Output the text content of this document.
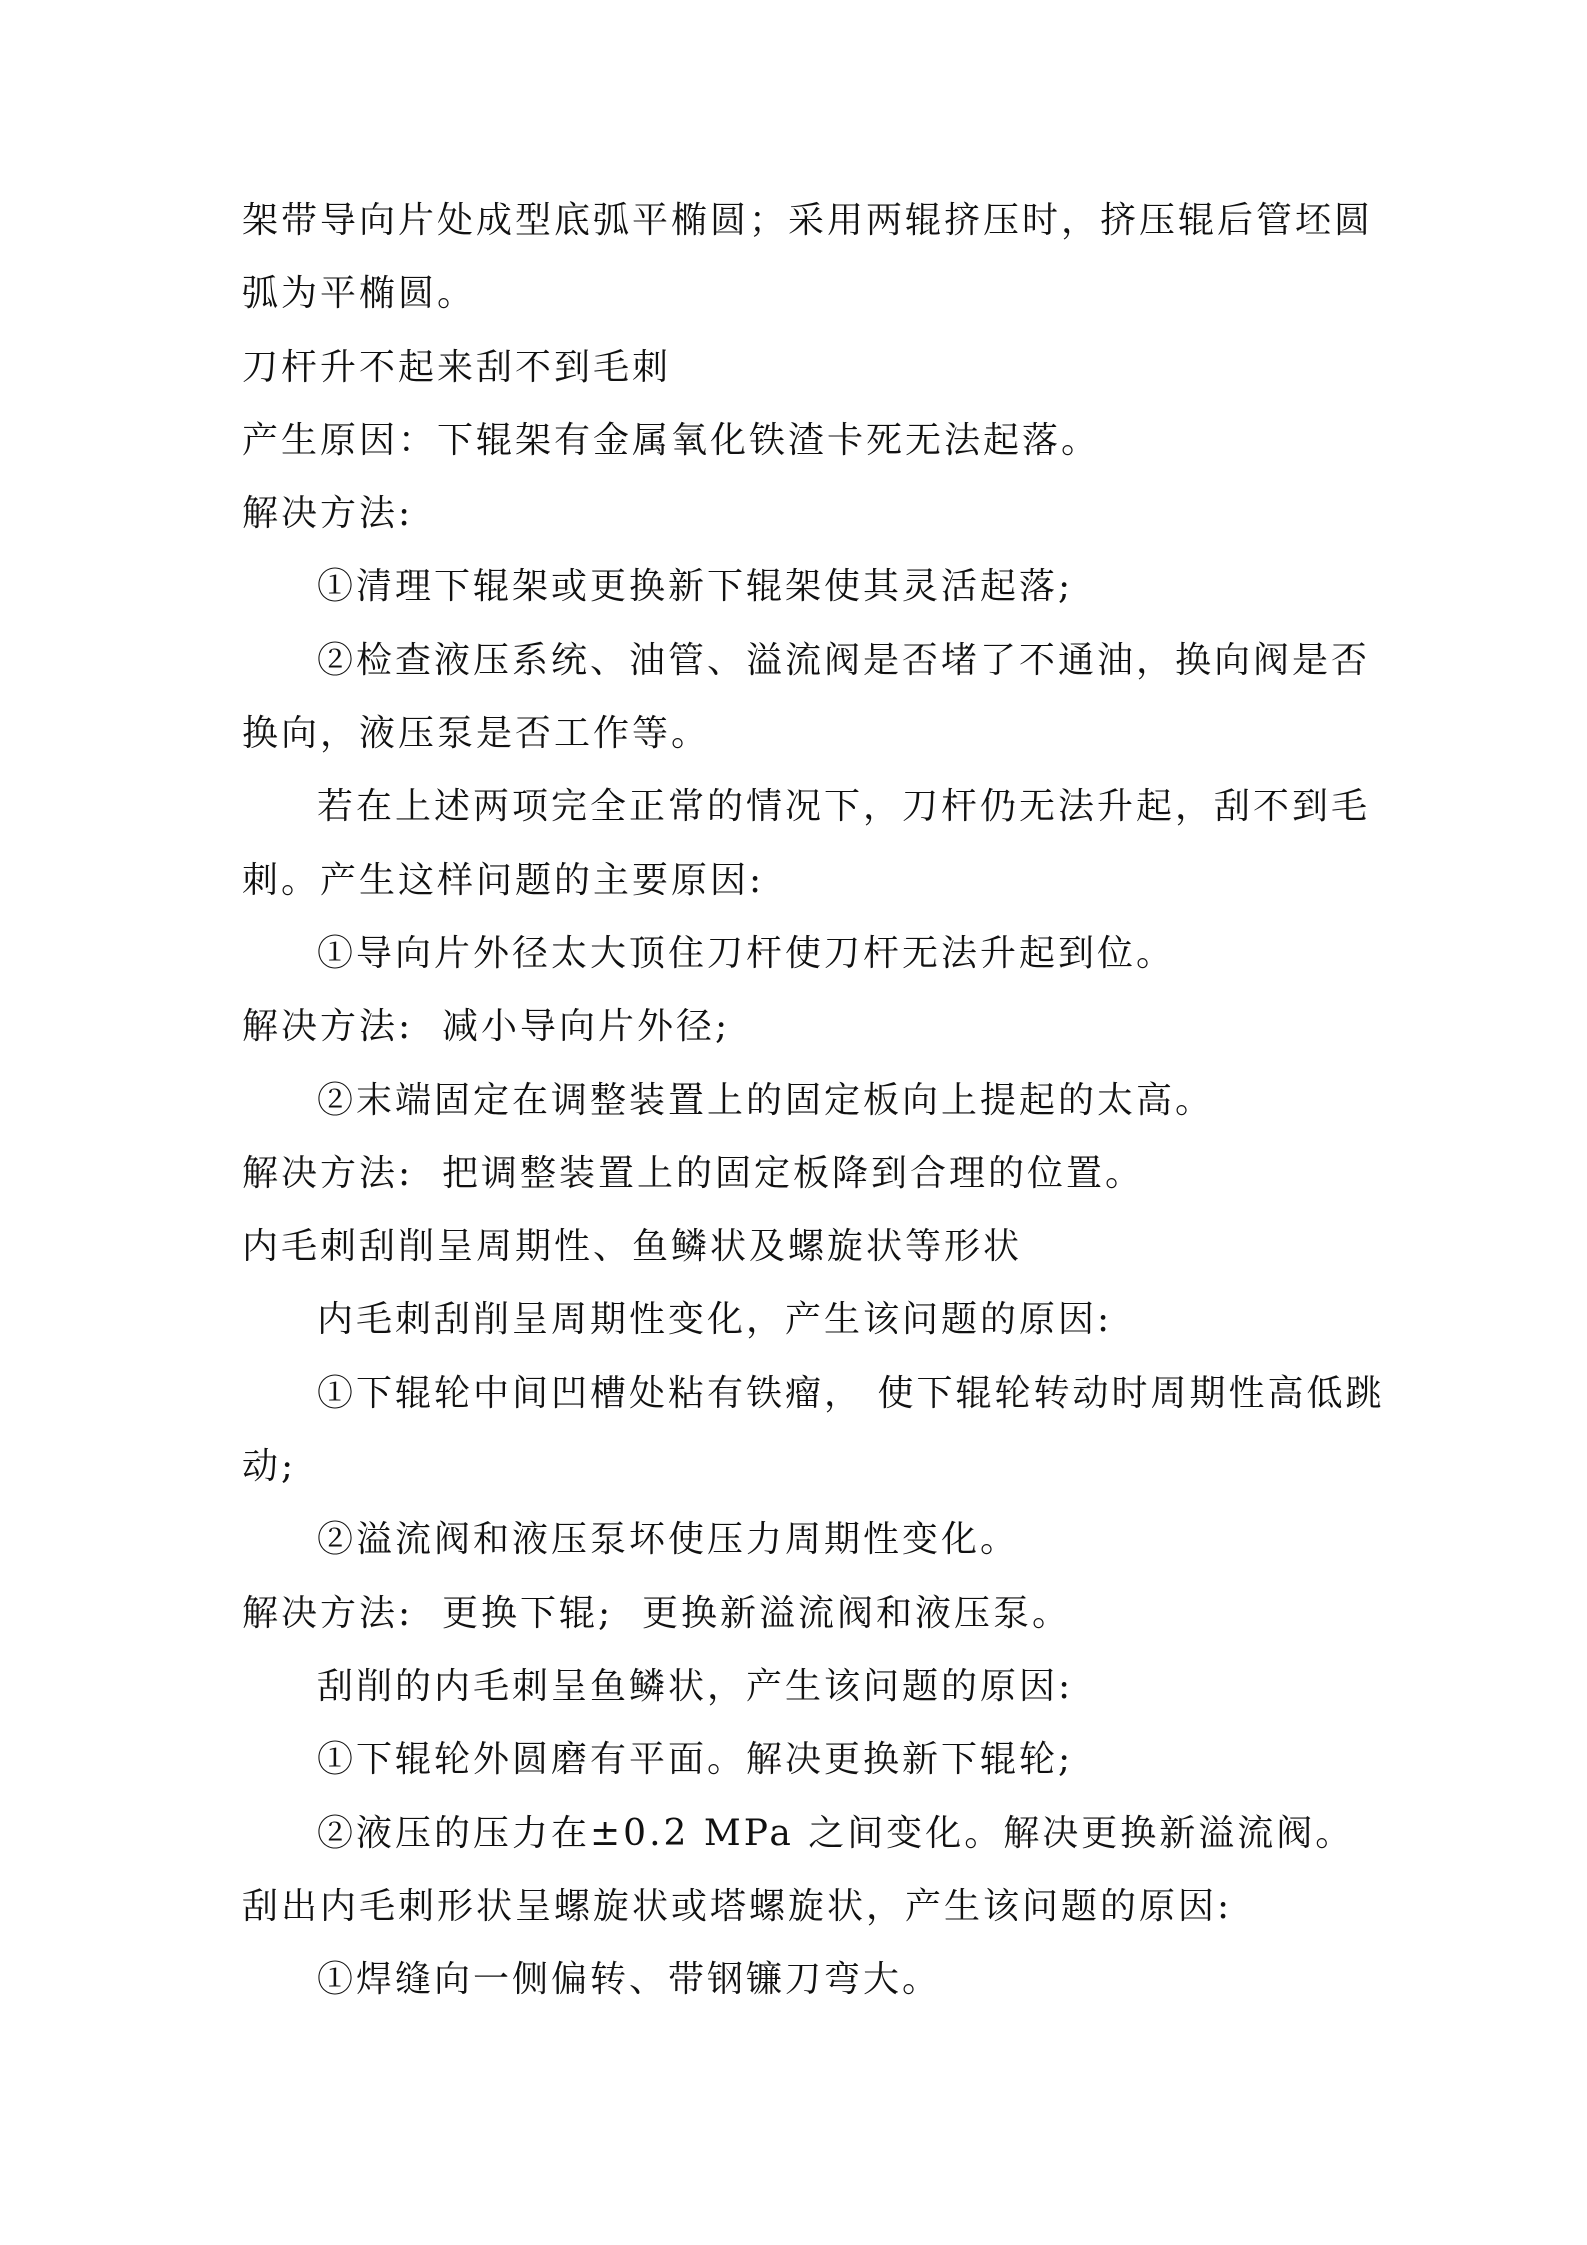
架带导向片处成型底弧平椭圆；采用两辊挤压时，挤压辊后管坯圆
弧为平椭圆。
刀杆升不起来刮不到毛刺
产生原因：下辊架有金属氧化铁渣卡死无法起落。
解决方法:
①清理下辊架或更换新下辊架使其灵活起落;
②检查液压系统、油管、溢流阀是否堵了不通油，换向阀是否
换向，液压泵是否工作等。
若在上述两项完全正常的情况下，刀杆仍无法升起，刮不到毛
刺。产生这样问题的主要原因:
①导向片外径太大顶住刀杆使刀杆无法升起到位。
解决方法:  减小导向片外径;
②末端固定在调整装置上的固定板向上提起的太高。
解决方法:  把调整装置上的固定板降到合理的位置。
内毛刺刮削呈周期性、鱼鳞状及螺旋状等形状
内毛刺刮削呈周期性变化，产生该问题的原因:
①下辊轮中间凹槽处粘有铁瘤， 使下辊轮转动时周期性高低跳
动;
②溢流阀和液压泵坏使压力周期性变化。
解决方法:  更换下辊;  更换新溢流阀和液压泵。
刮削的内毛刺呈鱼鳞状，产生该问题的原因:
①下辊轮外圆磨有平面。解决更换新下辊轮;
②液压的压力在±0.2 MPa 之间变化。解决更换新溢流阀。
刮出内毛刺形状呈螺旋状或塔螺旋状，产生该问题的原因:
①焊缝向一侧偏转、带钢镰刀弯大。
